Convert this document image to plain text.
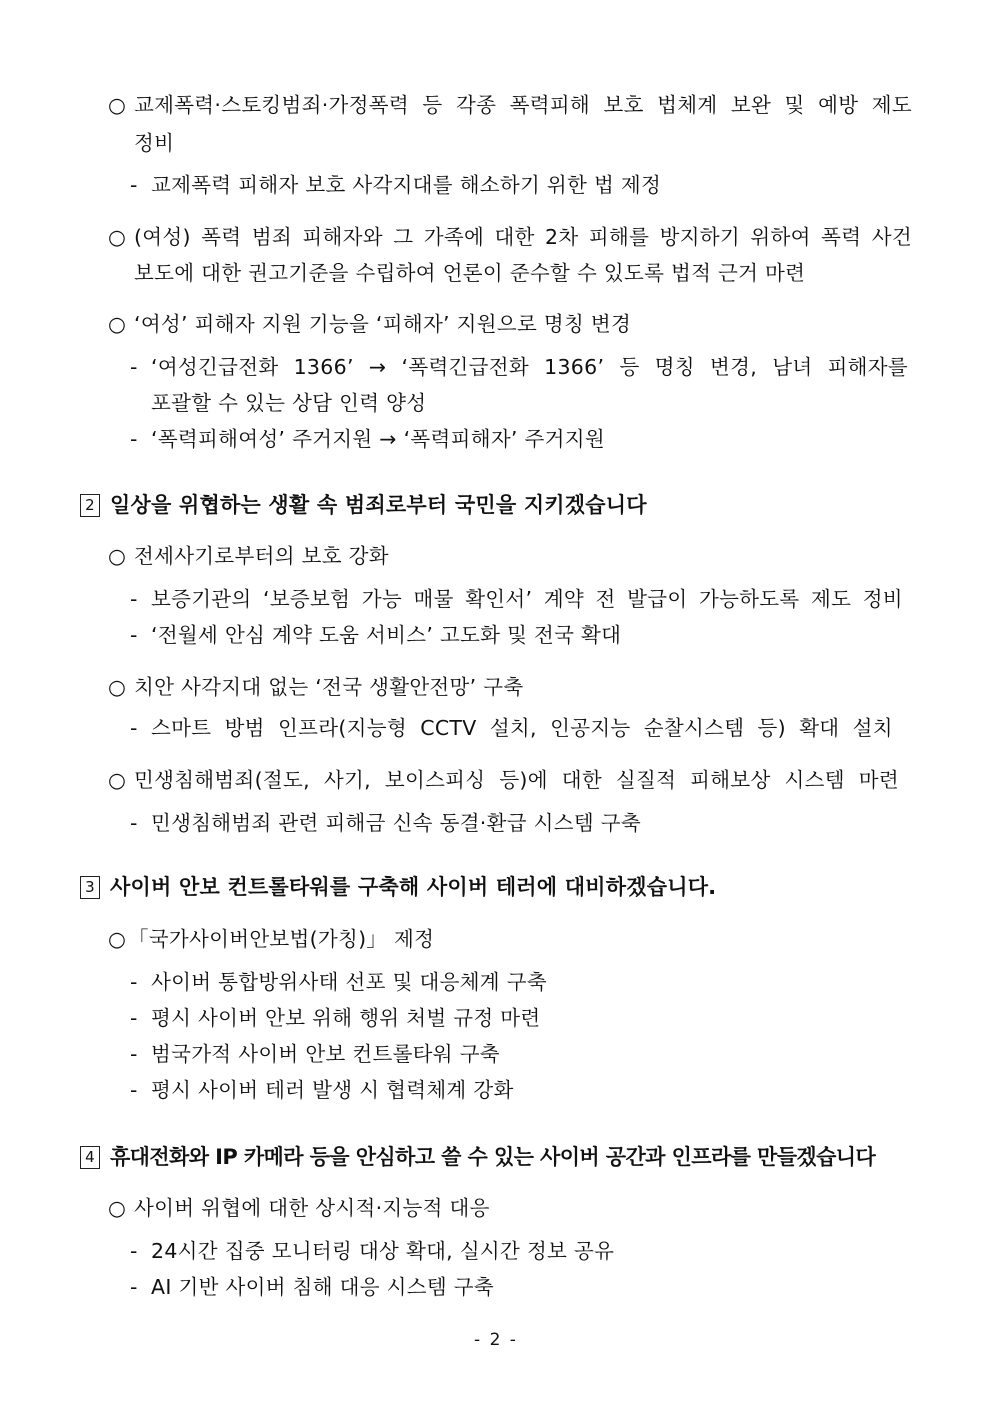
○ 교제폭력·스토킹범죄·가정폭력 등 각종 폭력피해 보호 법체계 보완 및 예방 제도
정비
- 교제폭력 피해자 보호 사각지대를 해소하기 위한 법 제정
○ (여성) 폭력 범죄 피해자와 그 가족에 대한 2차 피해를 방지하기 위하여 폭력 사건
보도에 대한 권고기준을 수립하여 언론이 준수할 수 있도록 법적 근거 마련
○ ‘여성’ 피해자 지원 기능을 ‘피해자’ 지원으로 명칭 변경
- ‘여성긴급전화 1366’ → ‘폭력긴급전화 1366’ 등 명칭 변경, 남녀 피해자를
포괄할 수 있는 상담 인력 양성
- ‘폭력피해여성’ 주거지원 → ‘폭력피해자’ 주거지원
2 일상을 위협하는 생활 속 범죄로부터 국민을 지키겠습니다
○ 전세사기로부터의 보호 강화
- 보증기관의 ‘보증보험 가능 매물 확인서’ 계약 전 발급이 가능하도록 제도 정비
- ‘전월세 안심 계약 도움 서비스’ 고도화 및 전국 확대
○ 치안 사각지대 없는 ‘전국 생활안전망’ 구축
- 스마트 방범 인프라(지능형 CCTV 설치, 인공지능 순찰시스템 등) 확대 설치
○ 민생침해범죄(절도, 사기, 보이스피싱 등)에 대한 실질적 피해보상 시스템 마련
- 민생침해범죄 관련 피해금 신속 동결·환급 시스템 구축
3 사이버 안보 컨트롤타워를 구축해 사이버 테러에 대비하겠습니다.
○ 「국가사이버안보법(가칭)」 제정
- 사이버 통합방위사태 선포 및 대응체계 구축
- 평시 사이버 안보 위해 행위 처벌 규정 마련
- 범국가적 사이버 안보 컨트롤타워 구축
- 평시 사이버 테러 발생 시 협력체계 강화
4 휴대전화와 IP 카메라 등을 안심하고 쓸 수 있는 사이버 공간과 인프라를 만들겠습니다
○ 사이버 위협에 대한 상시적·지능적 대응
- 24시간 집중 모니터링 대상 확대, 실시간 정보 공유
- AI 기반 사이버 침해 대응 시스템 구축
- 2 -
